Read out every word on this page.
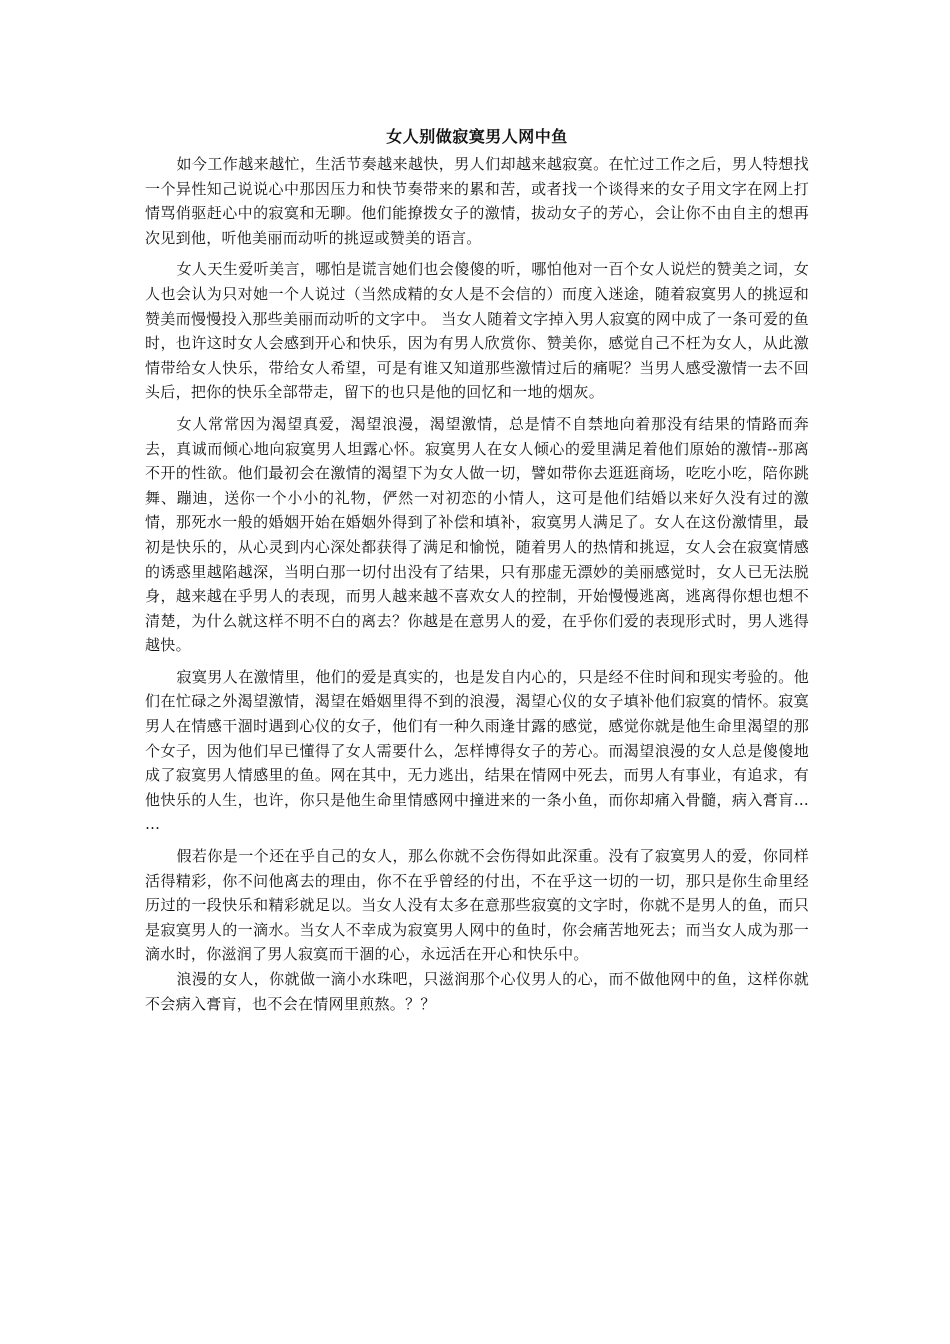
女人别做寂寞男人网中鱼

如今工作越来越忙，生活节奏越来越快，男人们却越来越寂寞。在忙过工作之后，男人特想找一个异性知己说说心中那因压力和快节奏带来的累和苦，或者找一个谈得来的女子用文字在网上打情骂俏驱赶心中的寂寞和无聊。他们能撩拨女子的激情，拔动女子的芳心，会让你不由自主的想再次见到他，听他美丽而动听的挑逗或赞美的语言。

女人天生爱听美言，哪怕是谎言她们也会傻傻的听，哪怕他对一百个女人说烂的赞美之词，女人也会认为只对她一个人说过（当然成精的女人是不会信的）而度入迷途，随着寂寞男人的挑逗和赞美而慢慢投入那些美丽而动听的文字中。 当女人随着文字掉入男人寂寞的网中成了一条可爱的鱼时，也许这时女人会感到开心和快乐，因为有男人欣赏你、赞美你，感觉自己不枉为女人，从此激情带给女人快乐，带给女人希望，可是有谁又知道那些激情过后的痛呢？当男人感受激情一去不回头后，把你的快乐全部带走，留下的也只是他的回忆和一地的烟灰。

女人常常因为渴望真爱，渴望浪漫，渴望激情，总是情不自禁地向着那没有结果的情路而奔去，真诚而倾心地向寂寞男人坦露心怀。寂寞男人在女人倾心的爱里满足着他们原始的激情--那离不开的性欲。他们最初会在激情的渴望下为女人做一切，譬如带你去逛逛商场，吃吃小吃，陪你跳舞、蹦迪，送你一个小小的礼物，俨然一对初恋的小情人，这可是他们结婚以来好久没有过的激情，那死水一般的婚姻开始在婚姻外得到了补偿和填补，寂寞男人满足了。女人在这份激情里，最初是快乐的，从心灵到内心深处都获得了满足和愉悦，随着男人的热情和挑逗，女人会在寂寞情感的诱惑里越陷越深，当明白那一切付出没有了结果，只有那虚无漂妙的美丽感觉时，女人已无法脱身，越来越在乎男人的表现，而男人越来越不喜欢女人的控制，开始慢慢逃离，逃离得你想也想不清楚，为什么就这样不明不白的离去？你越是在意男人的爱，在乎你们爱的表现形式时，男人逃得越快。

寂寞男人在激情里，他们的爱是真实的，也是发自内心的，只是经不住时间和现实考验的。他们在忙碌之外渴望激情，渴望在婚姻里得不到的浪漫，渴望心仪的女子填补他们寂寞的情怀。寂寞男人在情感干涸时遇到心仪的女子，他们有一种久雨逢甘露的感觉，感觉你就是他生命里渴望的那个女子，因为他们早已懂得了女人需要什么，怎样博得女子的芳心。而渴望浪漫的女人总是傻傻地成了寂寞男人情感里的鱼。网在其中，无力逃出，结果在情网中死去，而男人有事业，有追求，有他快乐的人生，也许，你只是他生命里情感网中撞进来的一条小鱼，而你却痛入骨髓，病入膏肓… …

假若你是一个还在乎自己的女人，那么你就不会伤得如此深重。没有了寂寞男人的爱，你同样活得精彩，你不问他离去的理由，你不在乎曾经的付出，不在乎这一切的一切，那只是你生命里经历过的一段快乐和精彩就足以。当女人没有太多在意那些寂寞的文字时，你就不是男人的鱼，而只是寂寞男人的一滴水。当女人不幸成为寂寞男人网中的鱼时，你会痛苦地死去；而当女人成为那一滴水时，你滋润了男人寂寞而干涸的心，永远活在开心和快乐中。

浪漫的女人，你就做一滴小水珠吧，只滋润那个心仪男人的心，而不做他网中的鱼，这样你就不会病入膏肓，也不会在情网里煎熬。？？
